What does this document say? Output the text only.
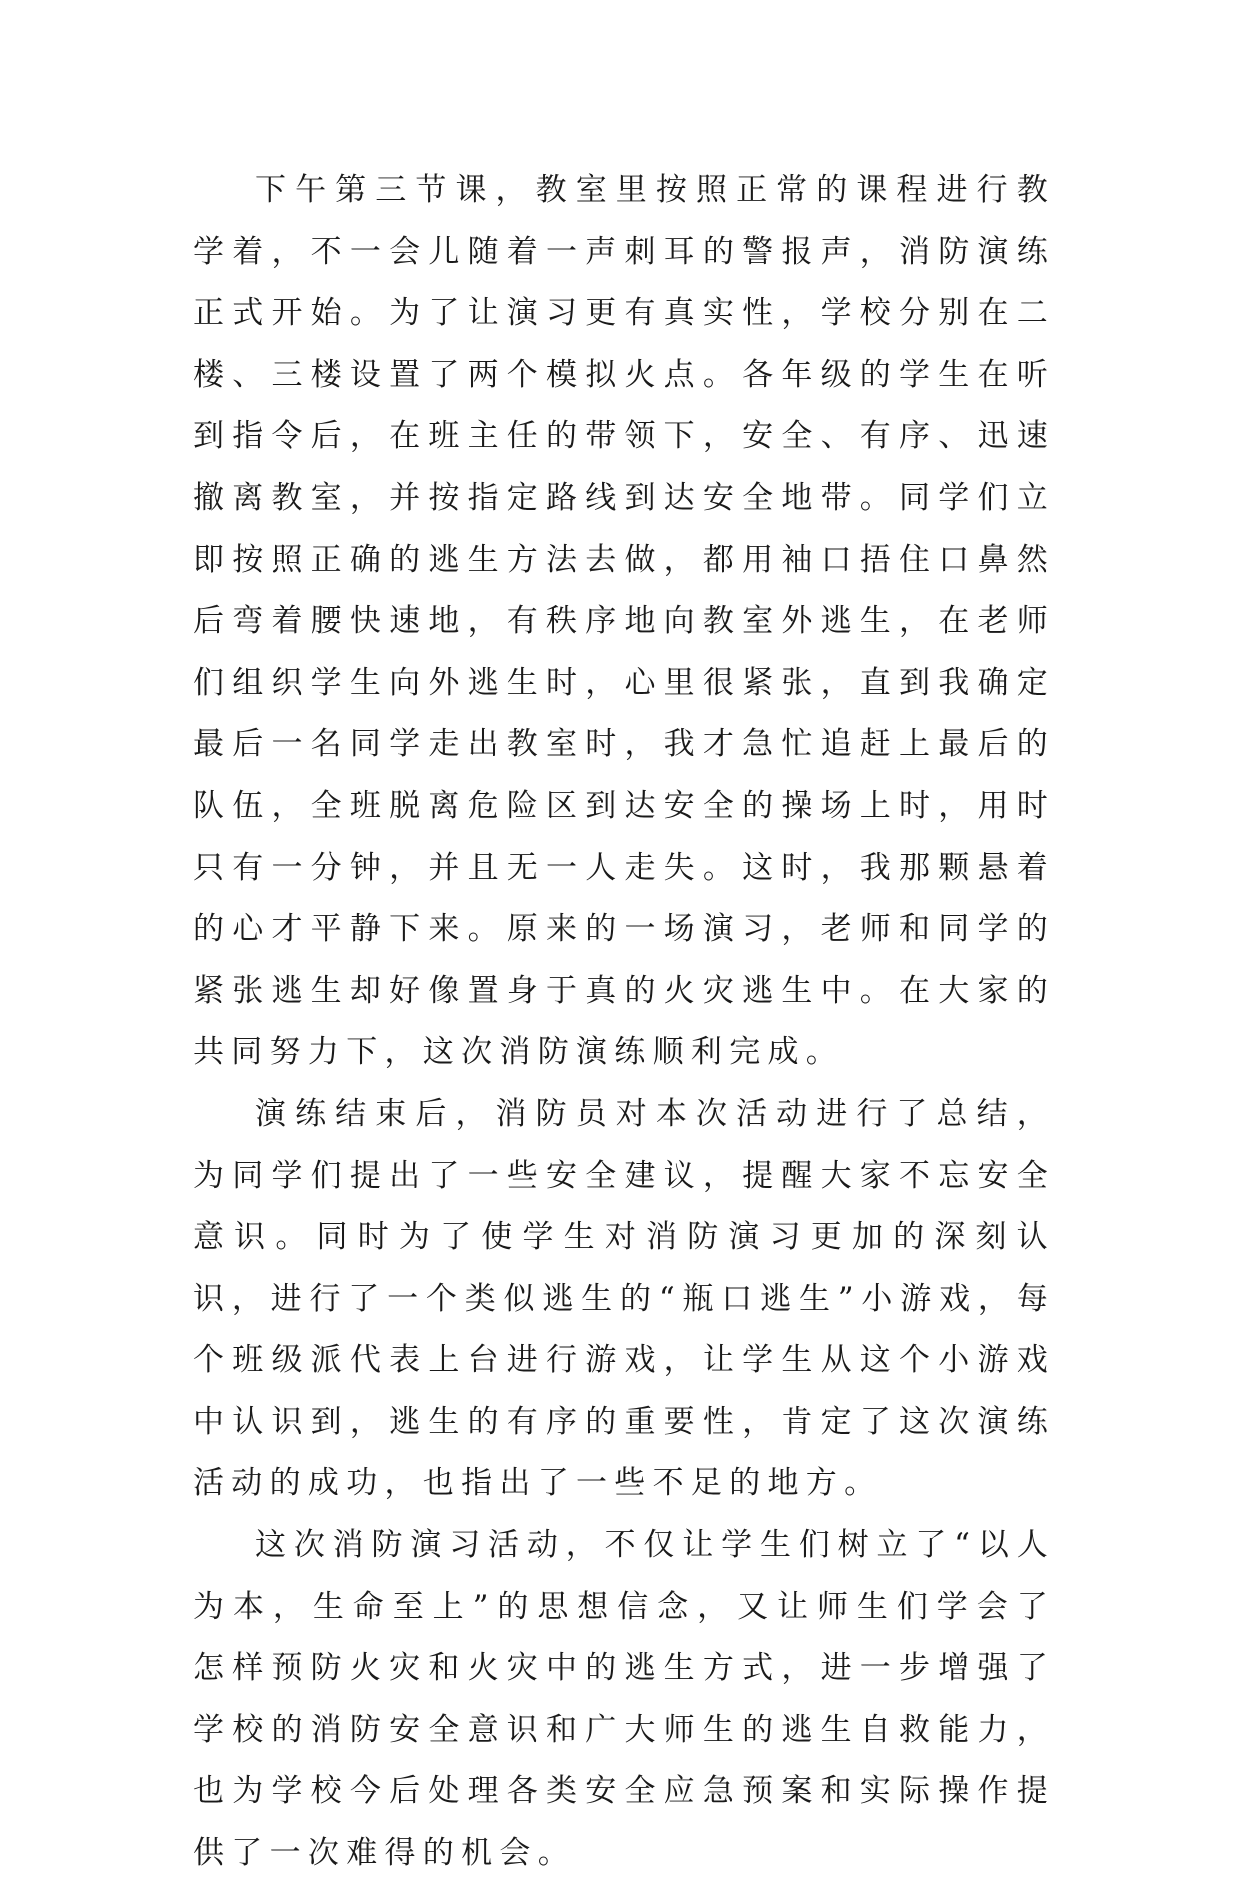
下午第三节课，教室里按照正常的课程进行教学着，不一会儿随着一声刺耳的警报声，消防演练正式开始。为了让演习更有真实性，学校分别在二楼、三楼设置了两个模拟火点。各年级的学生在听到指令后，在班主任的带领下，安全、有序、迅速撤离教室，并按指定路线到达安全地带。同学们立即按照正确的逃生方法去做，都用袖口捂住口鼻然后弯着腰快速地，有秩序地向教室外逃生，在老师们组织学生向外逃生时，心里很紧张，直到我确定最后一名同学走出教室时，我才急忙追赶上最后的队伍，全班脱离危险区到达安全的操场上时，用时只有一分钟，并且无一人走失。这时，我那颗悬着的心才平静下来。原来的一场演习，老师和同学的紧张逃生却好像置身于真的火灾逃生中。在大家的共同努力下，这次消防演练顺利完成。

演练结束后，消防员对本次活动进行了总结，为同学们提出了一些安全建议，提醒大家不忘安全意识。同时为了使学生对消防演习更加的深刻认识，进行了一个类似逃生的“瓶口逃生”小游戏，每个班级派代表上台进行游戏，让学生从这个小游戏中认识到，逃生的有序的重要性，肯定了这次演练活动的成功，也指出了一些不足的地方。

这次消防演习活动，不仅让学生们树立了“以人为本，生命至上”的思想信念，又让师生们学会了怎样预防火灾和火灾中的逃生方式，进一步增强了学校的消防安全意识和广大师生的逃生自救能力，也为学校今后处理各类安全应急预案和实际操作提供了一次难得的机会。
